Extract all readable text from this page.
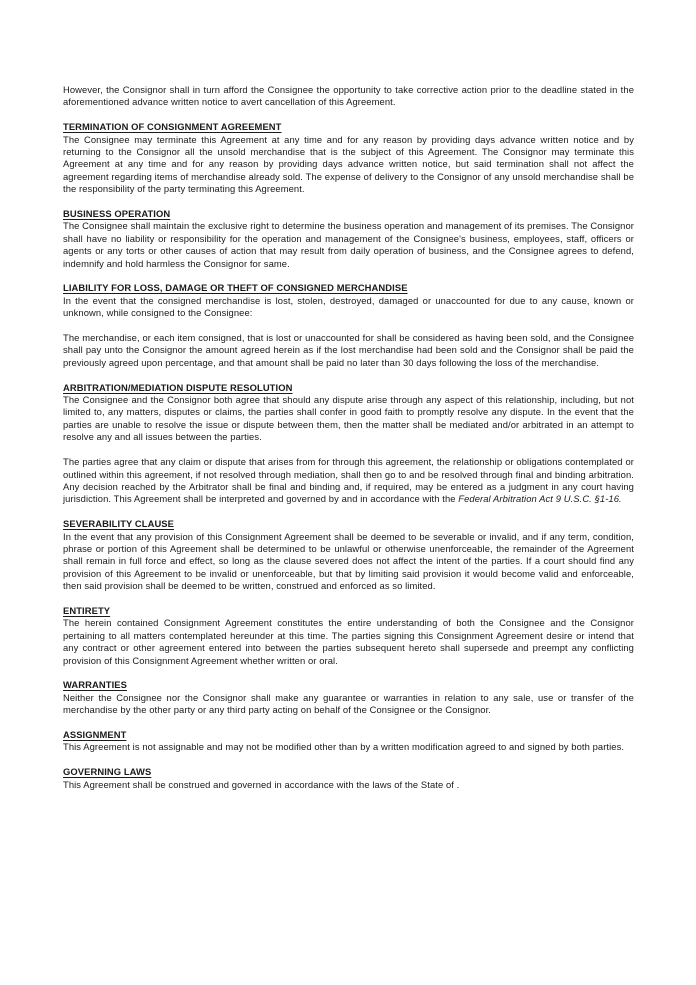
However, the Consignor shall in turn afford the Consignee the opportunity to take corrective action prior to the deadline stated in the aforementioned advance written notice to avert cancellation of this Agreement.

TERMINATION OF CONSIGNMENT AGREEMENT

The Consignee may terminate this Agreement at any time and for any reason by providing days advance written notice and by returning to the Consignor all the unsold merchandise that is the subject of this Agreement. The Consignor may terminate this Agreement at any time and for any reason by providing days advance written notice, but said termination shall not affect the agreement regarding items of merchandise already sold. The expense of delivery to the Consignor of any unsold merchandise shall be the responsibility of the party terminating this Agreement.

BUSINESS OPERATION

The Consignee shall maintain the exclusive right to determine the business operation and management of its premises. The Consignor shall have no liability or responsibility for the operation and management of the Consignee's business, employees, staff, officers or agents or any torts or other causes of action that may result from daily operation of business, and the Consignee agrees to defend, indemnify and hold harmless the Consignor for same.

LIABILITY FOR LOSS, DAMAGE OR THEFT OF CONSIGNED MERCHANDISE

In the event that the consigned merchandise is lost, stolen, destroyed, damaged or unaccounted for due to any cause, known or unknown, while consigned to the Consignee:

The merchandise, or each item consigned, that is lost or unaccounted for shall be considered as having been sold, and the Consignee shall pay unto the Consignor the amount agreed herein as if the lost merchandise had been sold and the Consignor shall be paid the previously agreed upon percentage, and that amount shall be paid no later than 30 days following the loss of the merchandise.

ARBITRATION/MEDIATION DISPUTE RESOLUTION

The Consignee and the Consignor both agree that should any dispute arise through any aspect of this relationship, including, but not limited to, any matters, disputes or claims, the parties shall confer in good faith to promptly resolve any dispute. In the event that the parties are unable to resolve the issue or dispute between them, then the matter shall be mediated and/or arbitrated in an attempt to resolve any and all issues between the parties.

The parties agree that any claim or dispute that arises from for through this agreement, the relationship or obligations contemplated or outlined within this agreement, if not resolved through mediation, shall then go to and be resolved through final and binding arbitration. Any decision reached by the Arbitrator shall be final and binding and, if required, may be entered as a judgment in any court having jurisdiction. This Agreement shall be interpreted and governed by and in accordance with the Federal Arbitration Act 9 U.S.C. §1-16.

SEVERABILITY CLAUSE

In the event that any provision of this Consignment Agreement shall be deemed to be severable or invalid, and if any term, condition, phrase or portion of this Agreement shall be determined to be unlawful or otherwise unenforceable, the remainder of the Agreement shall remain in full force and effect, so long as the clause severed does not affect the intent of the parties. If a court should find any provision of this Agreement to be invalid or unenforceable, but that by limiting said provision it would become valid and enforceable, then said provision shall be deemed to be written, construed and enforced as so limited.

ENTIRETY

The herein contained Consignment Agreement constitutes the entire understanding of both the Consignee and the Consignor pertaining to all matters contemplated hereunder at this time. The parties signing this Consignment Agreement desire or intend that any contract or other agreement entered into between the parties subsequent hereto shall supersede and preempt any conflicting provision of this Consignment Agreement whether written or oral.

WARRANTIES

Neither the Consignee nor the Consignor shall make any guarantee or warranties in relation to any sale, use or transfer of the merchandise by the other party or any third party acting on behalf of the Consignee or the Consignor.

ASSIGNMENT

This Agreement is not assignable and may not be modified other than by a written modification agreed to and signed by both parties.

GOVERNING LAWS

This Agreement shall be construed and governed in accordance with the laws of the State of .
